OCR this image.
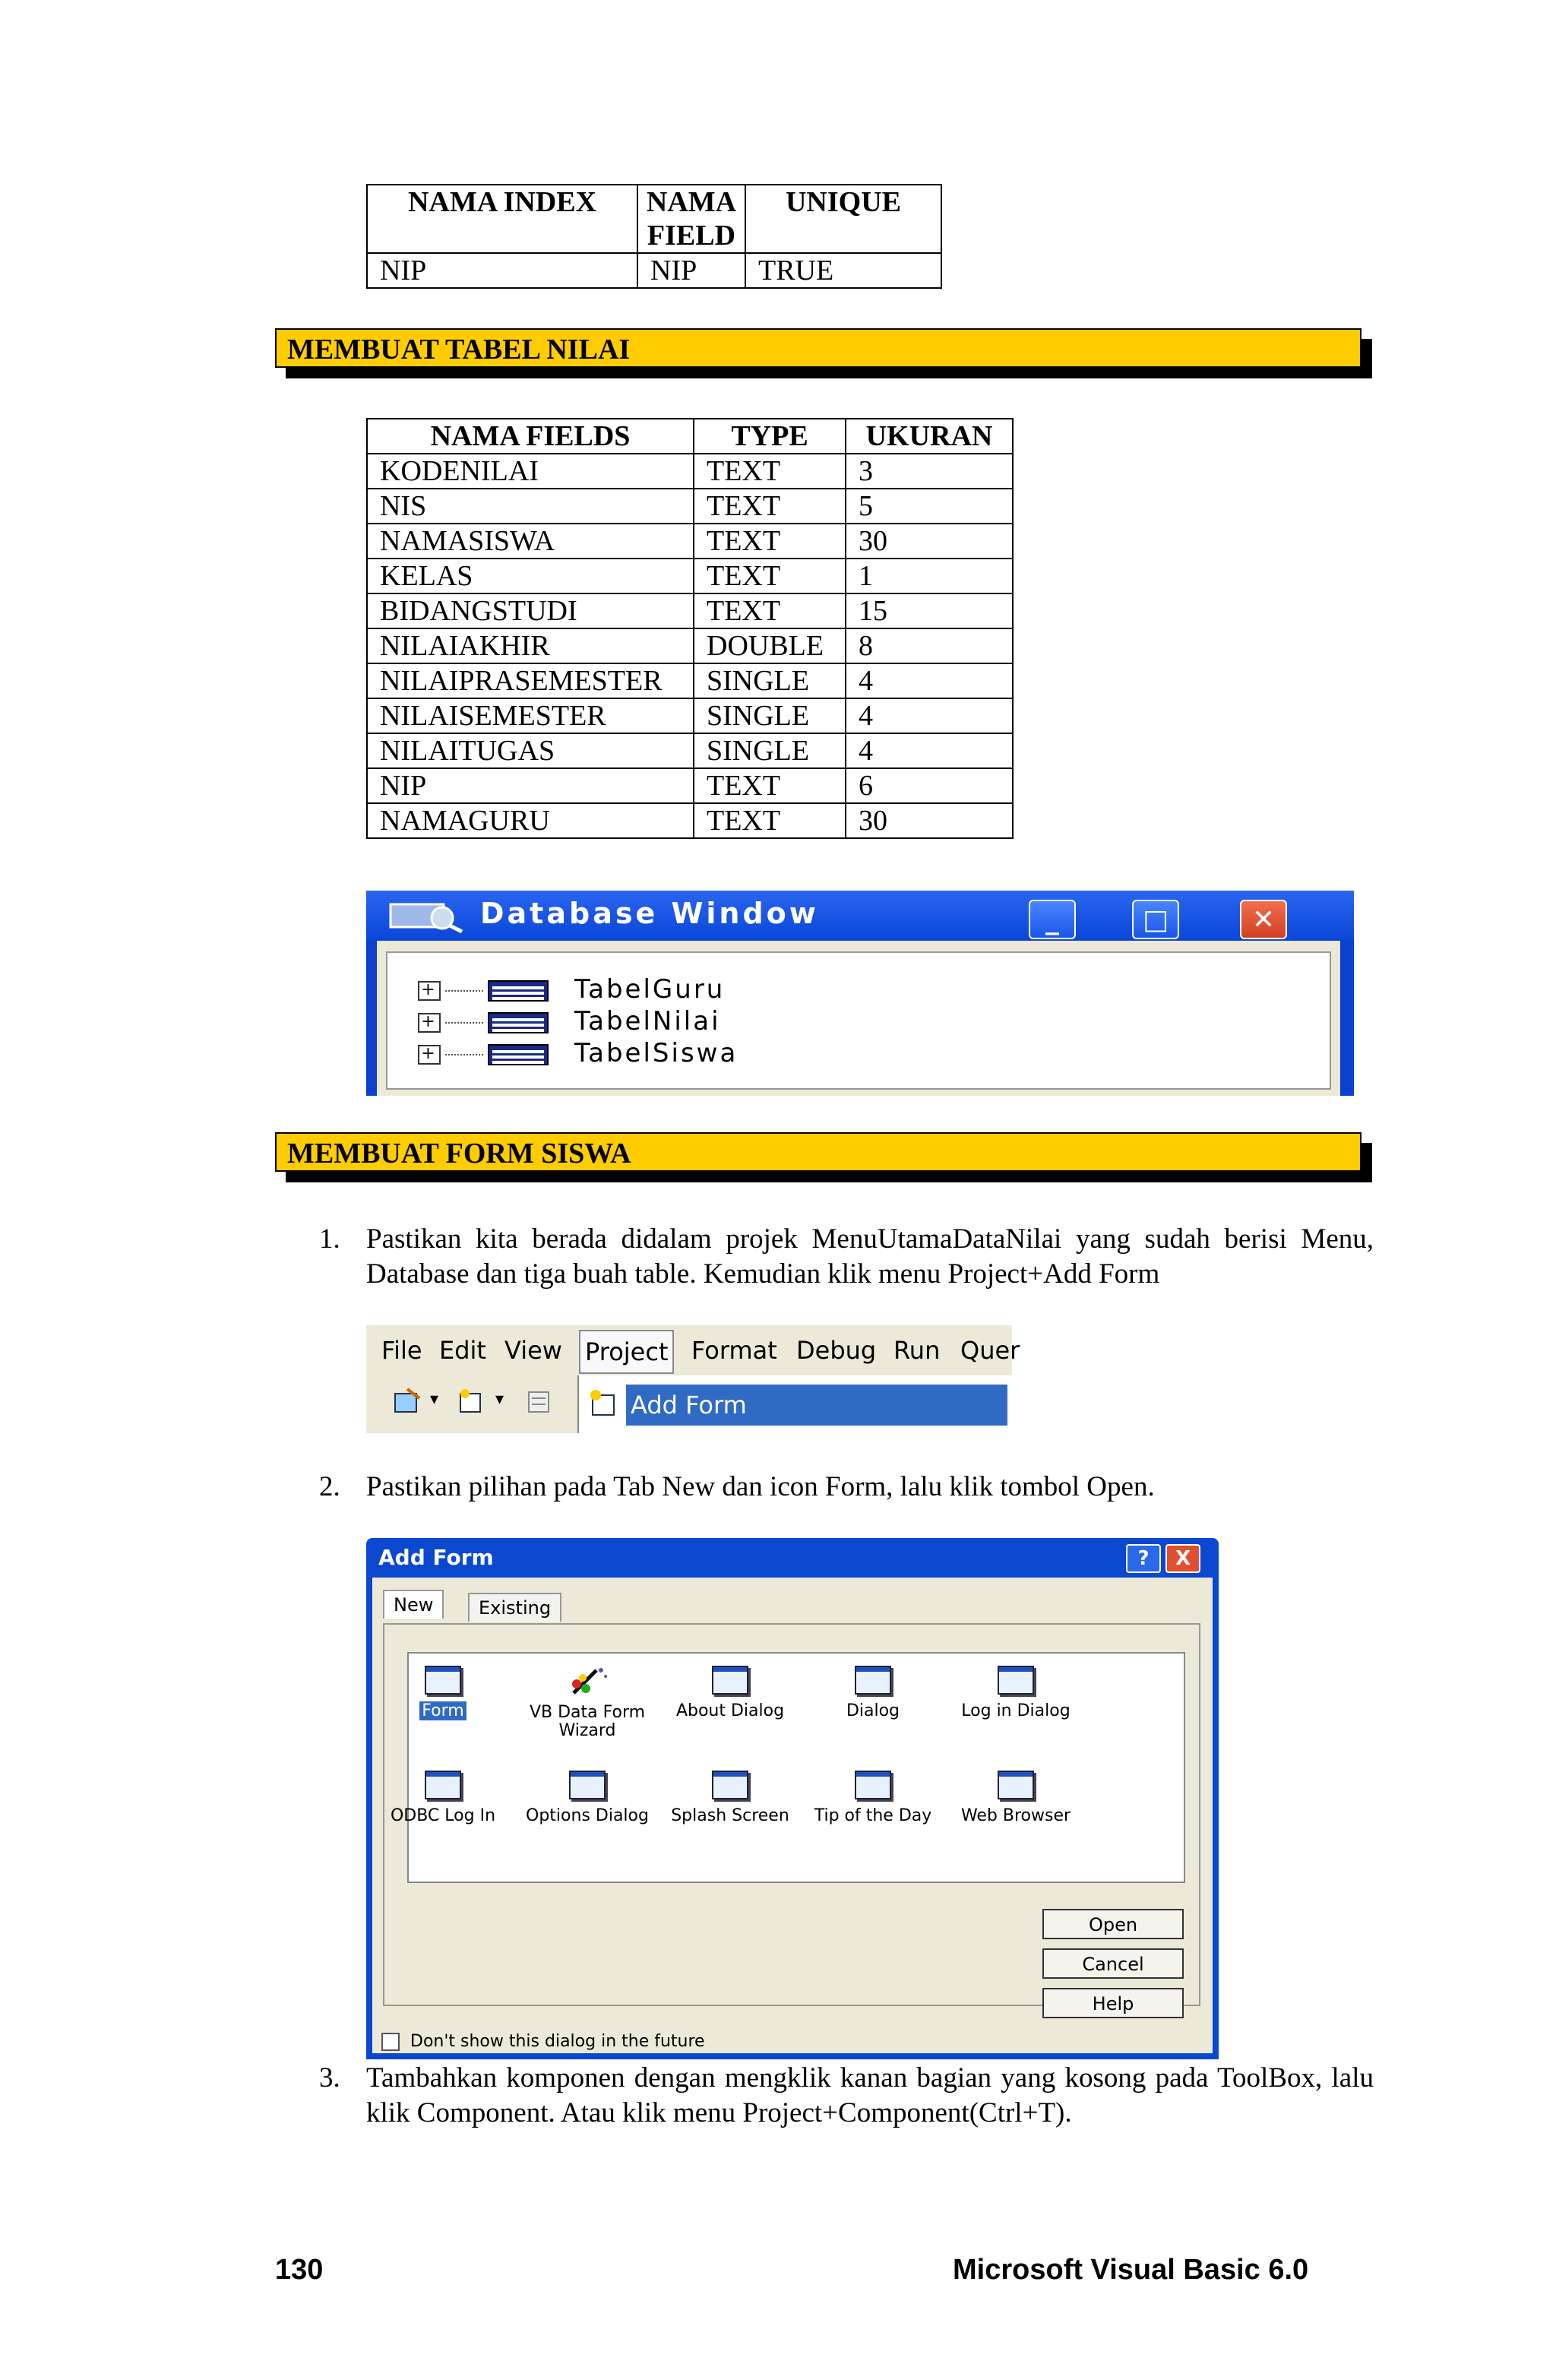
NAMA INDEX	NAMA FIELD	UNIQUE
NIP	NIP	TRUE
MEMBUAT TABEL NILAI
NAMA FIELDS	TYPE	UKURAN
KODENILAI	TEXT	3
NIS	TEXT	5
NAMASISWA	TEXT	30
KELAS	TEXT	1
BIDANGSTUDI	TEXT	15
NILAIAKHIR	DOUBLE	8
NILAIPRASEMESTER	SINGLE	4
NILAISEMESTER	SINGLE	4
NILAITUGAS	SINGLE	4
NIP	TEXT	6
NAMAGURU	TEXT	30
Database Window	_	□	✕
+	TabelGuru
+	TabelNilai
+	TabelSiswa
MEMBUAT FORM SISWA
1. Pastikan kita berada didalam projek MenuUtamaDataNilai yang sudah berisi Menu, Database dan tiga buah table. Kemudian klik menu Project+Add Form
File Edit View Project Format Debug Run Quer
▾	▾	Add Form
2. Pastikan pilihan pada Tab New dan icon Form, lalu klik tombol Open.
Add Form	?	X
New	Existing
Form	VB Data Form Wizard
About Dialog	Dialog	Log in Dialog
ODBC Log In	Options Dialog	Splash Screen	Tip of the Day	Web Browser
Open
Cancel
Help
Don't show this dialog in the future
3. Tambahkan komponen dengan mengklik kanan bagian yang kosong pada ToolBox, lalu klik Component. Atau klik menu Project+Component(Ctrl+T).
130	Microsoft Visual Basic 6.0
